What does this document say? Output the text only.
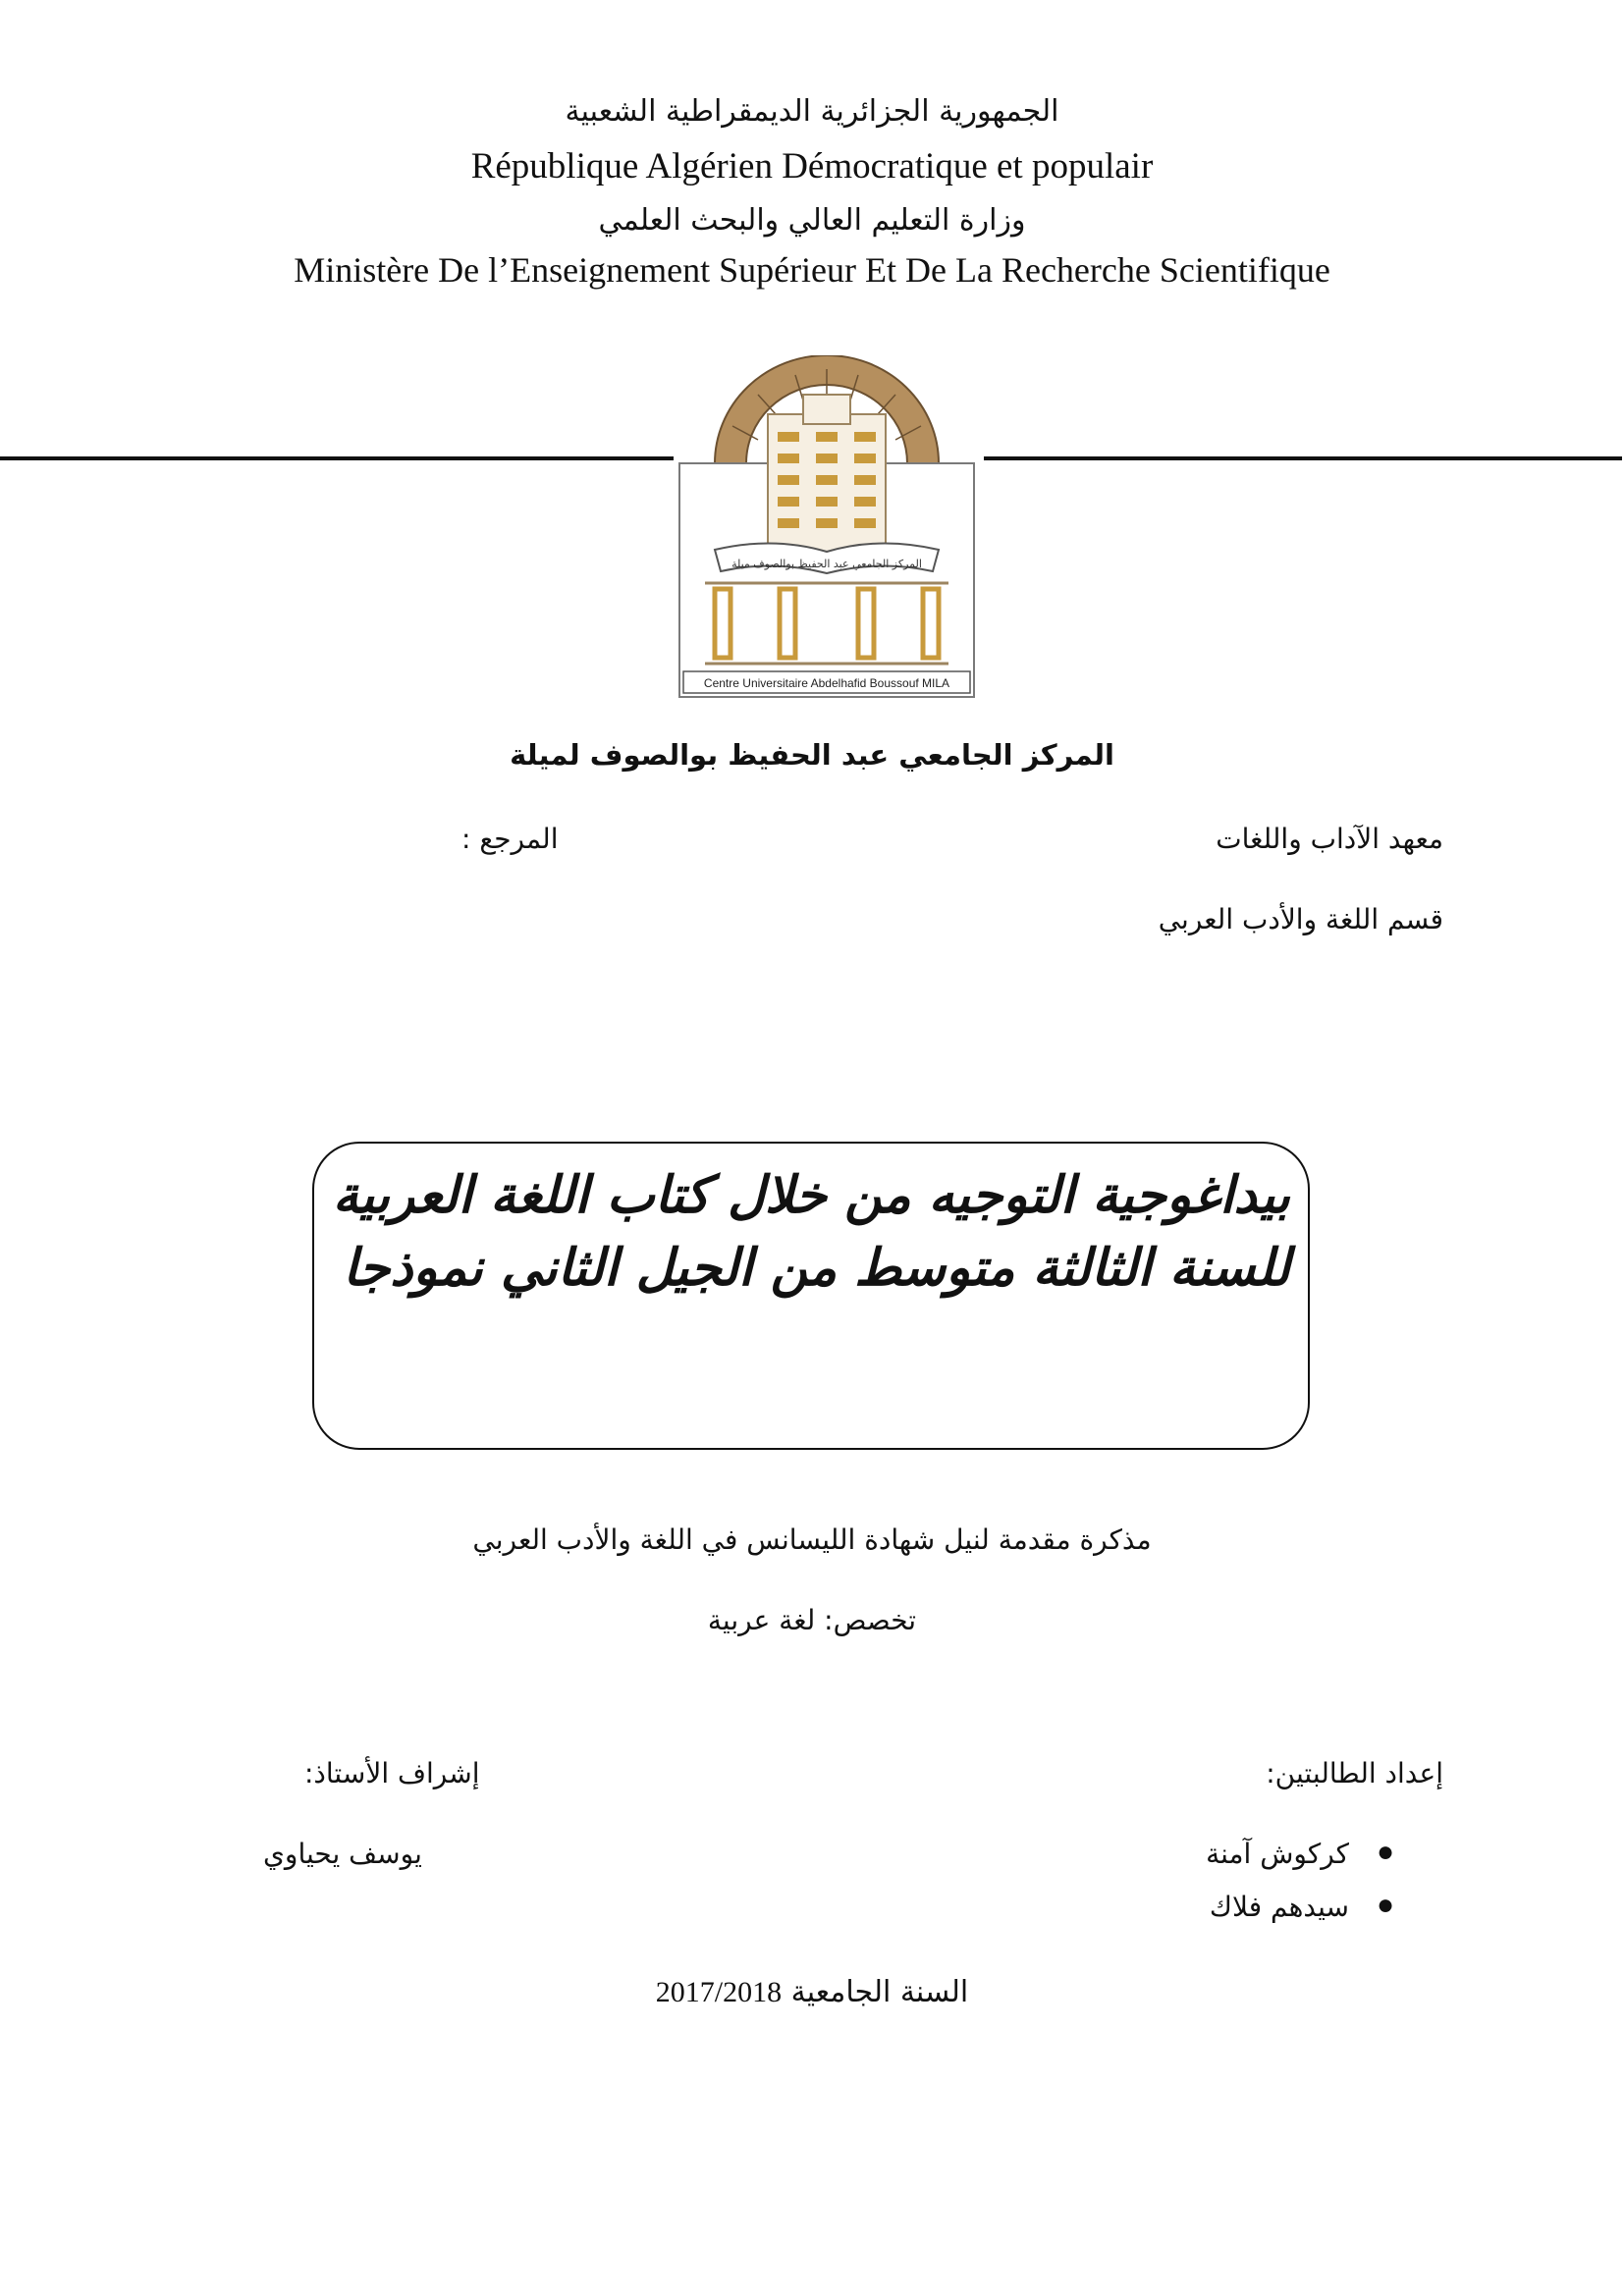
الجمهورية الجزائرية الديمقراطية الشعبية
République Algérien Démocratique et populair
وزارة التعليم العالي والبحث العلمي
Ministère De l’Enseignement Supérieur Et De La Recherche Scientifique
المركز الجامعي عبد الحفيظ بوالصوف ميلة
Centre Universitaire Abdelhafid Boussouf MILA
المركز الجامعي عبد الحفيظ بوالصوف لميلة
معهد الآداب واللغات
قسم اللغة والأدب العربي
المرجع :
بيداغوجية التوجيه من خلال كتاب اللغة العربية
للسنة الثالثة متوسط من الجيل الثاني نموذجا
مذكرة مقدمة لنيل شهادة الليسانس في اللغة والأدب العربي
تخصص: لغة عربية
إعداد الطالبتين:
إشراف الأستاذ:
●
كركوش آمنة
●
سيدهم فلاك
يوسف يحياوي
السنة الجامعية 2017/2018
